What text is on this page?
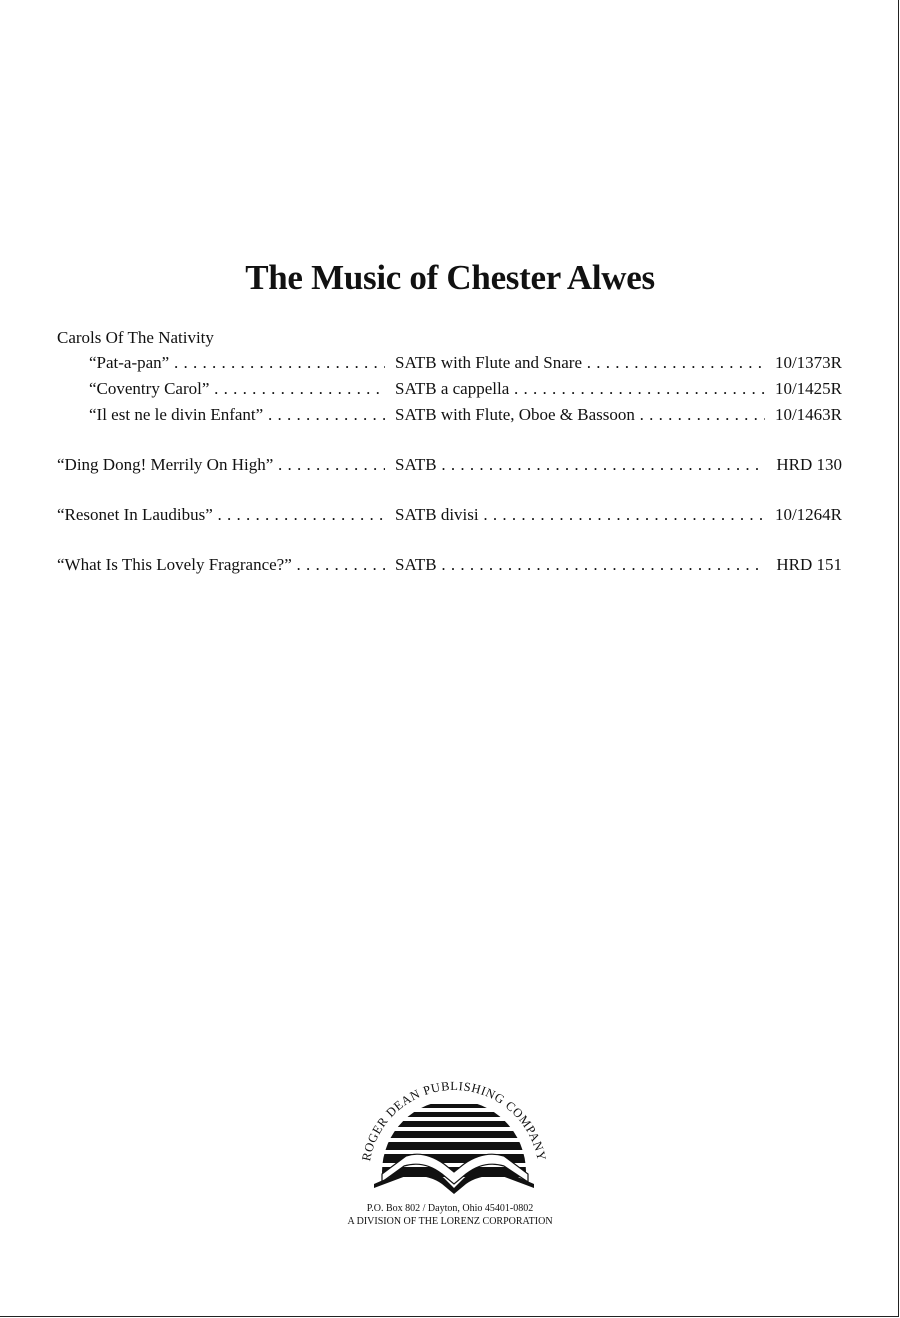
The Music of Chester Alwes
Carols Of The Nativity
“Pat-a-pan” . . .	SATB with Flute and Snare . . .	10/1373R
“Coventry Carol” . . .	SATB a cappella . . .	10/1425R
“Il est ne le divin Enfant” . . .	SATB with Flute, Oboe & Bassoon . . .	10/1463R
“Ding Dong! Merrily On High” . . .	SATB . . .	HRD 130
“Resonet In Laudibus” . . .	SATB divisi . . .	10/1264R
“What Is This Lovely Fragrance?” . . .	SATB . . .	HRD 151
ROGER DEAN PUBLISHING COMPANY
P.O. Box 802 / Dayton, Ohio 45401-0802
A DIVISION OF THE LORENZ CORPORATION
